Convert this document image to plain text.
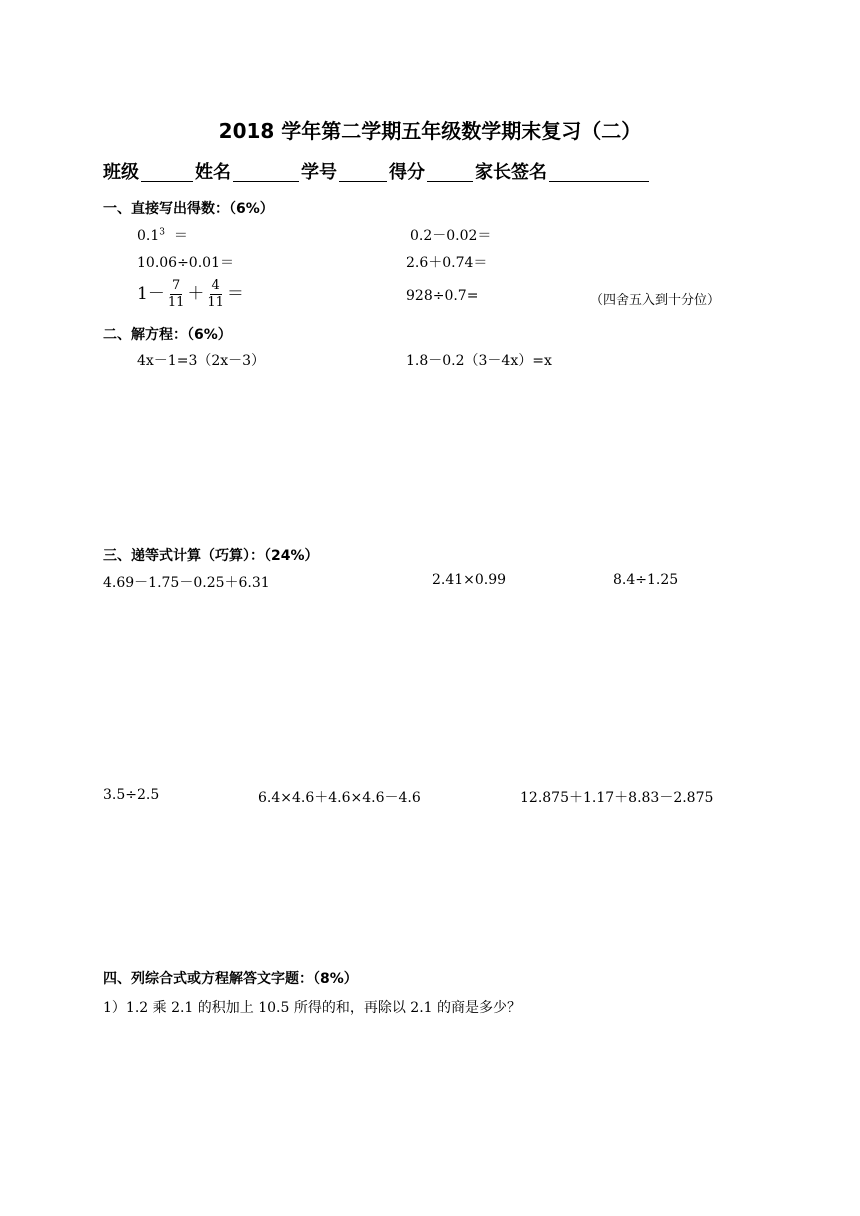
2018 学年第二学期五年级数学期末复习（二）
班级	姓名	学号	得分	家长签名
一、直接写出得数：（6%）
$0.1^3$ ＝	0.2－0.02＝
10.06÷0.01＝	2.6＋0.74＝
$1- \frac{7}{11} + \frac{4}{11}$ ＝	928÷0.7=	（四舍五入到十分位）
二、解方程：（6%）
4x－1=3（2x－3）	1.8－0.2（3－4x）=x
三、递等式计算（巧算）：（24%）
4.69－1.75－0.25＋6.31	2.41×0.99	8.4÷1.25
3.5÷2.5	6.4×4.6＋4.6×4.6－4.6	12.875＋1.17＋8.83－2.875
四、列综合式或方程解答文字题：（8%）
1）1.2 乘 2.1 的积加上 10.5 所得的和，再除以 2.1 的商是多少？
